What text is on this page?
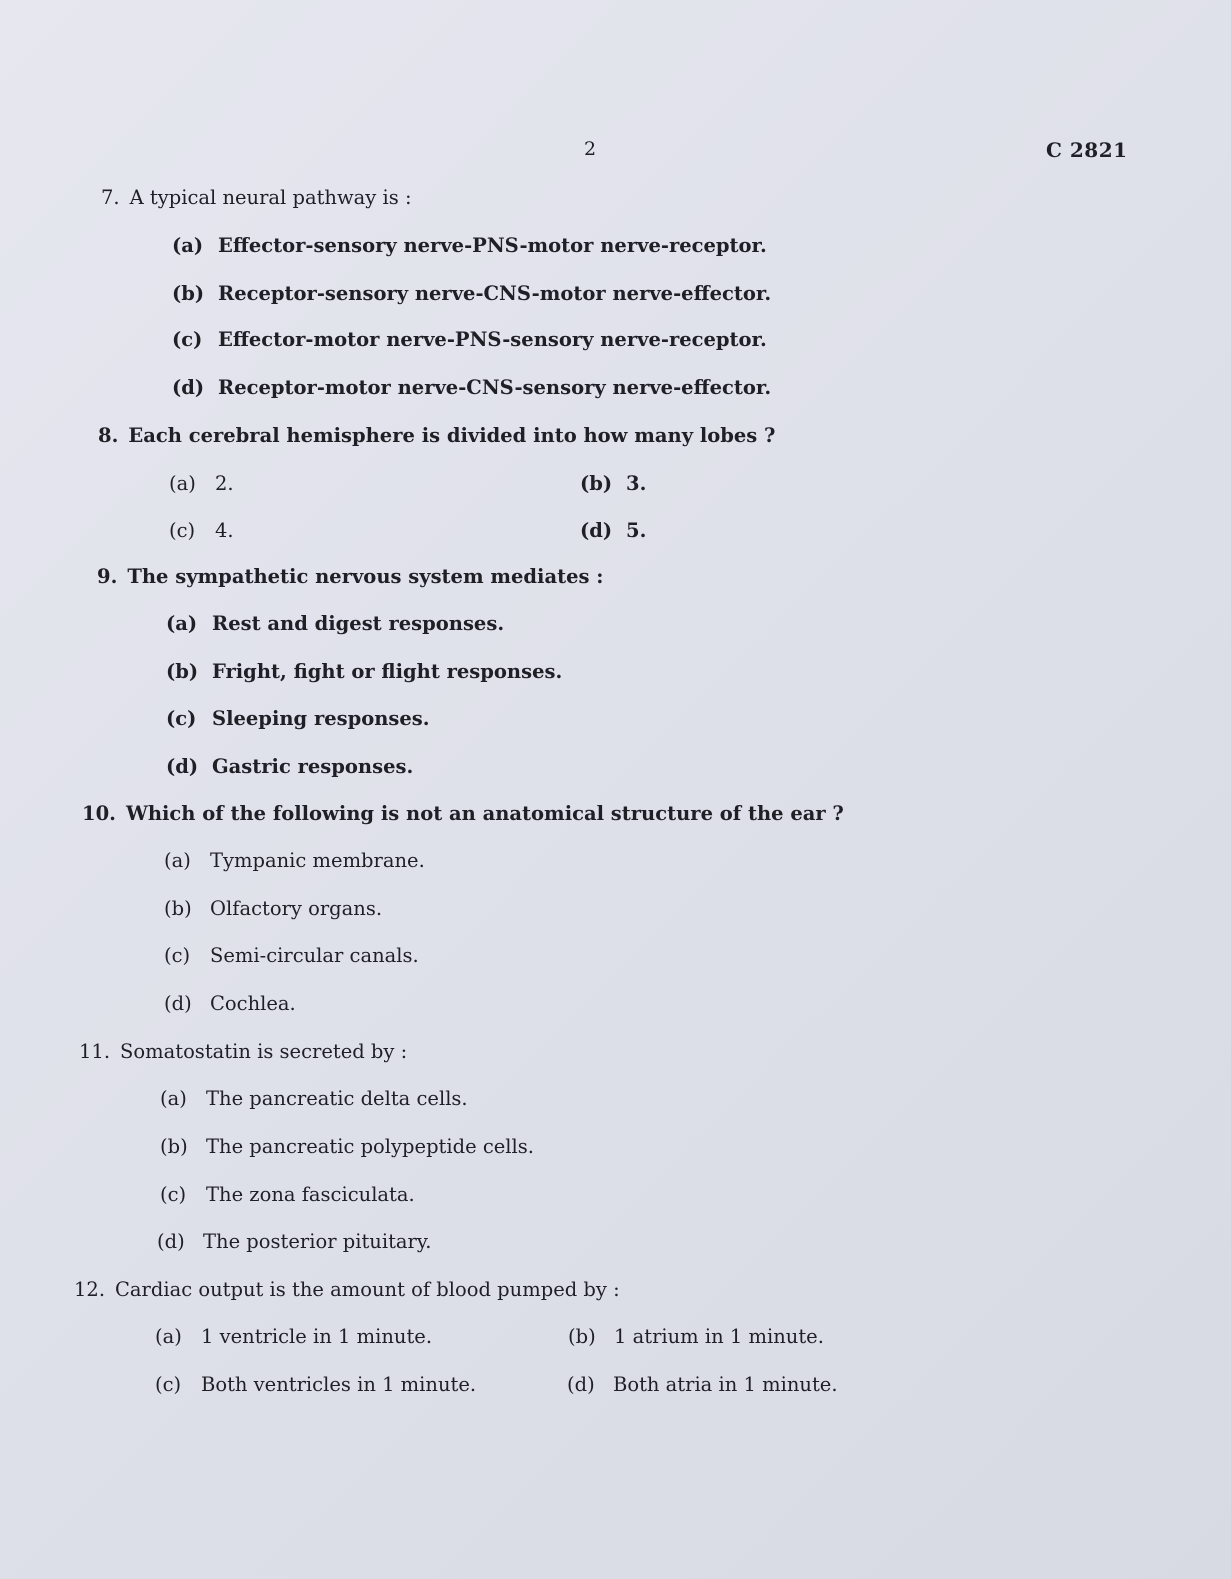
2	C 2821
7. A typical neural pathway is :
(a) Effector-sensory nerve-PNS-motor nerve-receptor.
(b) Receptor-sensory nerve-CNS-motor nerve-effector.
(c) Effector-motor nerve-PNS-sensory nerve-receptor.
(d) Receptor-motor nerve-CNS-sensory nerve-effector.
8. Each cerebral hemisphere is divided into how many lobes ?
(a) 2.	(b) 3.
(c) 4.	(d) 5.
9. The sympathetic nervous system mediates :
(a) Rest and digest responses.
(b) Fright, fight or flight responses.
(c) Sleeping responses.
(d) Gastric responses.
10. Which of the following is not an anatomical structure of the ear ?
(a) Tympanic membrane.
(b) Olfactory organs.
(c) Semi-circular canals.
(d) Cochlea.
11. Somatostatin is secreted by :
(a) The pancreatic delta cells.
(b) The pancreatic polypeptide cells.
(c) The zona fasciculata.
(d) The posterior pituitary.
12. Cardiac output is the amount of blood pumped by :
(a) 1 ventricle in 1 minute.	(b) 1 atrium in 1 minute.
(c) Both ventricles in 1 minute.	(d) Both atria in 1 minute.
